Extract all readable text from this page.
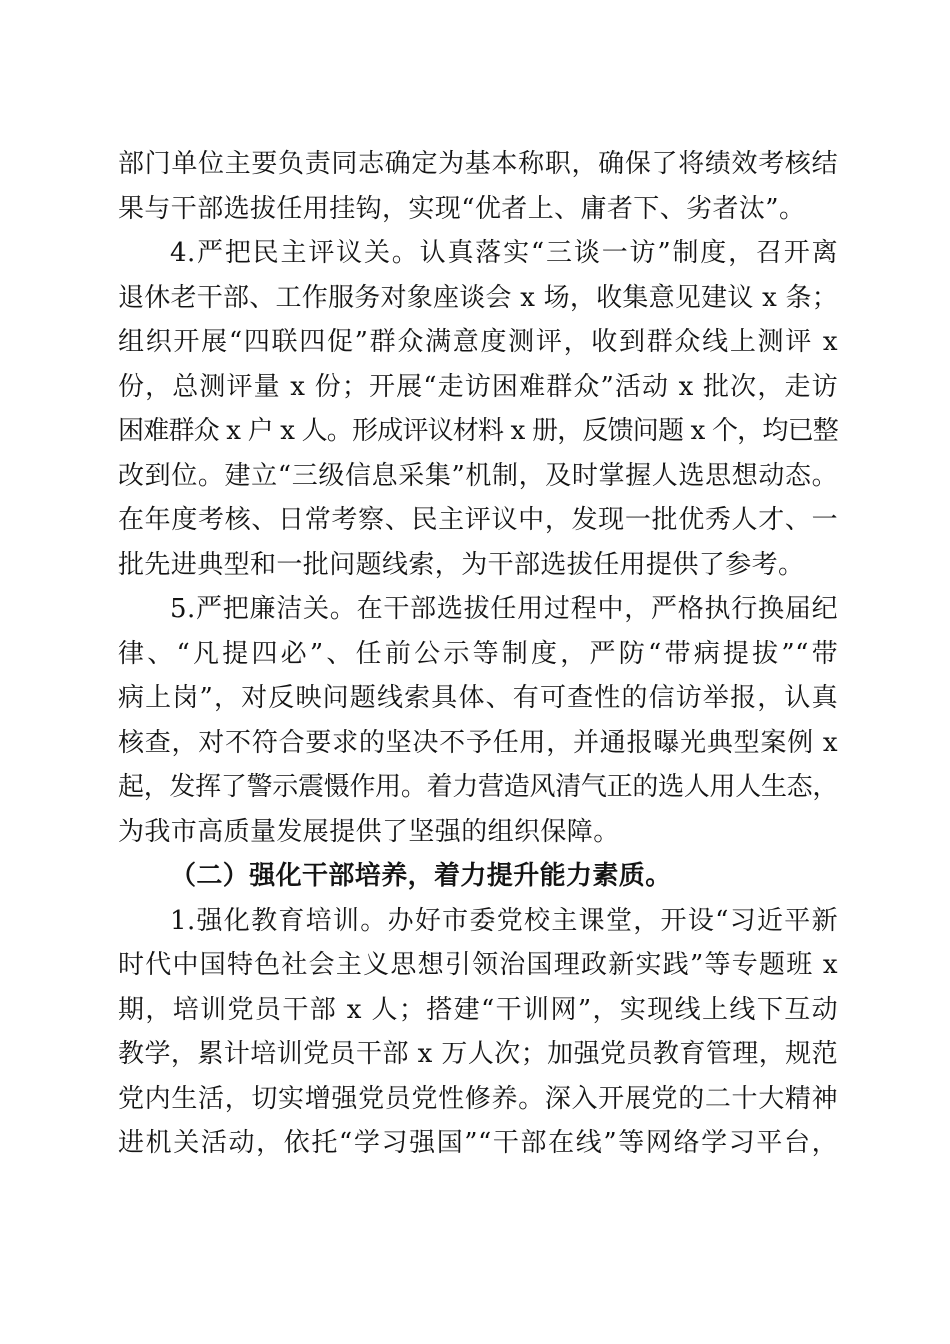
部门单位主要负责同志确定为基本称职，确保了将绩效考核结
果与干部选拔任用挂钩，实现“优者上、庸者下、劣者汰”。
4.严把民主评议关。认真落实“三谈一访”制度，召开离
退休老干部、工作服务对象座谈会 x 场，收集意见建议 x 条；
组织开展“四联四促”群众满意度测评，收到群众线上测评 x
份，总测评量 x 份；开展“走访困难群众”活动 x 批次，走访
困难群众 x 户 x 人。形成评议材料 x 册，反馈问题 x 个，均已整
改到位。建立“三级信息采集”机制，及时掌握人选思想动态。
在年度考核、日常考察、民主评议中，发现一批优秀人才、一
批先进典型和一批问题线索，为干部选拔任用提供了参考。
5.严把廉洁关。在干部选拔任用过程中，严格执行换届纪
律、“凡提四必”、任前公示等制度，严防“带病提拔”“带
病上岗”，对反映问题线索具体、有可查性的信访举报，认真
核查，对不符合要求的坚决不予任用，并通报曝光典型案例 x
起，发挥了警示震慑作用。着力营造风清气正的选人用人生态，
为我市高质量发展提供了坚强的组织保障。
（二）强化干部培养，着力提升能力素质。
1.强化教育培训。办好市委党校主课堂，开设“习近平新
时代中国特色社会主义思想引领治国理政新实践”等专题班 x
期，培训党员干部 x 人；搭建“干训网”，实现线上线下互动
教学，累计培训党员干部 x 万人次；加强党员教育管理，规范
党内生活，切实增强党员党性修养。深入开展党的二十大精神
进机关活动，依托“学习强国”“干部在线”等网络学习平台，
